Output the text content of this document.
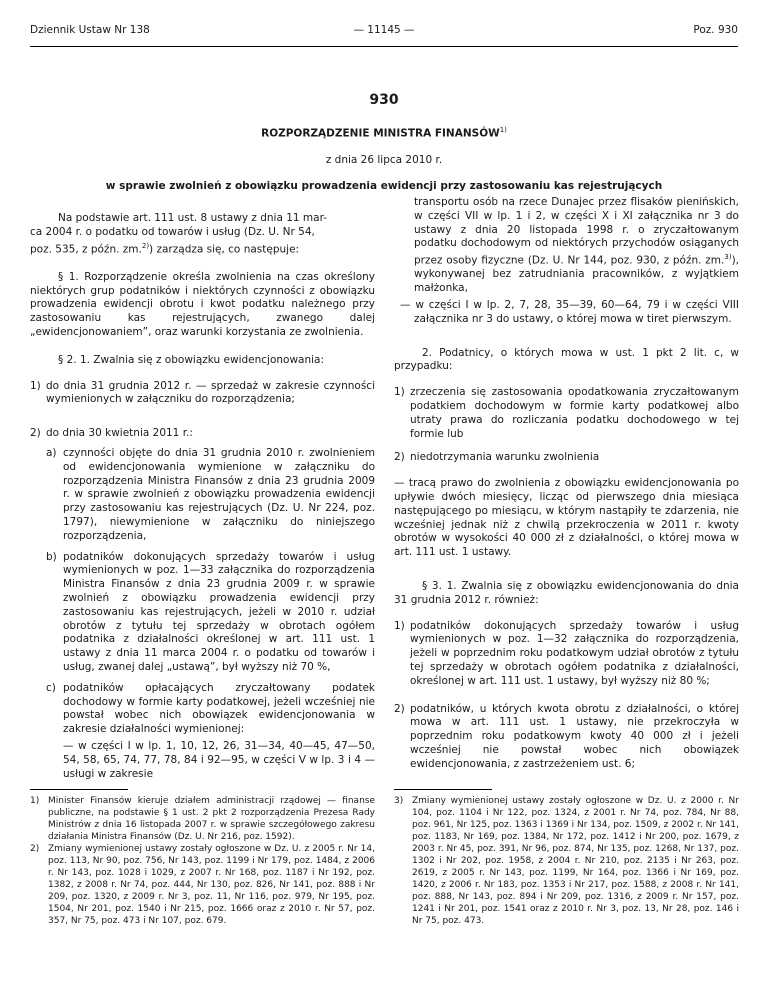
Dziennik Ustaw Nr 138	— 11145 —	Poz. 930
930
ROZPORZĄDZENIE MINISTRA FINANSÓW$^{1)}$
z dnia 26 lipca 2010 r.
w sprawie zwolnień z obowiązku prowadzenia ewidencji przy zastosowaniu kas rejestrujących

Na podstawie art. 111 ust. 8 ustawy z dnia 11 mar-
ca 2004 r. o podatku od towarów i usług (Dz. U. Nr 54,
poz. 535, z późn. zm.$^{2)}$) zarządza się, co następuje:

§ 1. Rozporządzenie określa zwolnienia na czas określony niektórych grup podatników i niektórych czynności z obowiązku prowadzenia ewidencji obrotu i kwot podatku należnego przy zastosowaniu kas rejestrujących, zwanego dalej „ewidencjonowaniem”, oraz warunki korzystania ze zwolnienia.

§ 2. 1. Zwalnia się z obowiązku ewidencjonowania:

1) do dnia 31 grudnia 2012 r. — sprzedaż w zakresie czynności wymienionych w załączniku do rozporządzenia;
2) do dnia 30 kwietnia 2011 r.:
a) czynności objęte do dnia 31 grudnia 2010 r. zwolnieniem od ewidencjonowania wymienione w załączniku do rozporządzenia Ministra Finansów z dnia 23 grudnia 2009 r. w sprawie zwolnień z obowiązku prowadzenia ewidencji przy zastosowaniu kas rejestrujących (Dz. U. Nr 224, poz. 1797), niewymienione w załączniku do niniejszego rozporządzenia,
b) podatników dokonujących sprzedaży towarów i usług wymienionych w poz. 1—33 załącznika do rozporządzenia Ministra Finansów z dnia 23 grudnia 2009 r. w sprawie zwolnień z obowiązku prowadzenia ewidencji przy zastosowaniu kas rejestrujących, jeżeli w 2010 r. udział obrotów z tytułu tej sprzedaży w obrotach ogółem podatnika z działalności określonej w art. 111 ust. 1 ustawy z dnia 11 marca 2004 r. o podatku od towarów i usług, zwanej dalej „ustawą”, był wyższy niż 70 %,
c) podatników opłacających zryczałtowany podatek dochodowy w formie karty podatkowej, jeżeli wcześniej nie powstał wobec nich obowiązek ewidencjonowania w zakresie działalności wymienionej:

— w części I w lp. 1, 10, 12, 26, 31—34, 40—45, 47—50, 54, 58, 65, 74, 77, 78, 84 i 92—95, w części V w lp. 3 i 4 — usługi w zakresie

transportu osób na rzece Dunajec przez flisaków pienińskich, w części VII w lp. 1 i 2, w części X i XI załącznika nr 3 do ustawy z dnia 20 listopada 1998 r. o zryczałtowanym podatku dochodowym od niektórych przychodów osiąganych przez osoby fizyczne (Dz. U. Nr 144, poz. 930, z późn. zm.$^{3)}$), wykonywanej bez zatrudniania pracowników, z wyjątkiem małżonka,

— w części I w lp. 2, 7, 28, 35—39, 60—64, 79 i w części VIII załącznika nr 3 do ustawy, o której mowa w tiret pierwszym.

2. Podatnicy, o których mowa w ust. 1 pkt 2 lit. c, w przypadku:

1) zrzeczenia się zastosowania opodatkowania zryczałtowanym podatkiem dochodowym w formie karty podatkowej albo utraty prawa do rozliczania podatku dochodowego w tej formie lub
2) niedotrzymania warunku zwolnienia

— tracą prawo do zwolnienia z obowiązku ewidencjonowania po upływie dwóch miesięcy, licząc od pierwszego dnia miesiąca następującego po miesiącu, w którym nastąpiły te zdarzenia, nie wcześniej jednak niż z chwilą przekroczenia w 2011 r. kwoty obrotów w wysokości 40 000 zł z działalności, o której mowa w art. 111 ust. 1 ustawy.

§ 3. 1. Zwalnia się z obowiązku ewidencjonowania do dnia 31 grudnia 2012 r. również:

1) podatników dokonujących sprzedaży towarów i usług wymienionych w poz. 1—32 załącznika do rozporządzenia, jeżeli w poprzednim roku podatkowym udział obrotów z tytułu tej sprzedaży w obrotach ogółem podatnika z działalności, określonej w art. 111 ust. 1 ustawy, był wyższy niż 80 %;
2) podatników, u których kwota obrotu z działalności, o której mowa w art. 111 ust. 1 ustawy, nie przekroczyła w poprzednim roku podatkowym kwoty 40 000 zł i jeżeli wcześniej nie powstał wobec nich obowiązek ewidencjonowania, z zastrzeżeniem ust. 6;
1) Minister Finansów kieruje działem administracji rządowej — finanse publiczne, na podstawie § 1 ust. 2 pkt 2 rozporządzenia Prezesa Rady Ministrów z dnia 16 listopada 2007 r. w sprawie szczegółowego zakresu działania Ministra Finansów (Dz. U. Nr 216, poz. 1592).
2) Zmiany wymienionej ustawy zostały ogłoszone w Dz. U. z 2005 r. Nr 14, poz. 113, Nr 90, poz. 756, Nr 143, poz. 1199 i Nr 179, poz. 1484, z 2006 r. Nr 143, poz. 1028 i 1029, z 2007 r. Nr 168, poz. 1187 i Nr 192, poz. 1382, z 2008 r. Nr 74, poz. 444, Nr 130, poz. 826, Nr 141, poz. 888 i Nr 209, poz. 1320, z 2009 r. Nr 3, poz. 11, Nr 116, poz. 979, Nr 195, poz. 1504, Nr 201, poz. 1540 i Nr 215, poz. 1666 oraz z 2010 r. Nr 57, poz. 357, Nr 75, poz. 473 i Nr 107, poz. 679.
3) Zmiany wymienionej ustawy zostały ogłoszone w Dz. U. z 2000 r. Nr 104, poz. 1104 i Nr 122, poz. 1324, z 2001 r. Nr 74, poz. 784, Nr 88, poz. 961, Nr 125, poz. 1363 i 1369 i Nr 134, poz. 1509, z 2002 r. Nr 141, poz. 1183, Nr 169, poz. 1384, Nr 172, poz. 1412 i Nr 200, poz. 1679, z 2003 r. Nr 45, poz. 391, Nr 96, poz. 874, Nr 135, poz. 1268, Nr 137, poz. 1302 i Nr 202, poz. 1958, z 2004 r. Nr 210, poz. 2135 i Nr 263, poz. 2619, z 2005 r. Nr 143, poz. 1199, Nr 164, poz. 1366 i Nr 169, poz. 1420, z 2006 r. Nr 183, poz. 1353 i Nr 217, poz. 1588, z 2008 r. Nr 141, poz. 888, Nr 143, poz. 894 i Nr 209, poz. 1316, z 2009 r. Nr 157, poz. 1241 i Nr 201, poz. 1541 oraz z 2010 r. Nr 3, poz. 13, Nr 28, poz. 146 i Nr 75, poz. 473.
